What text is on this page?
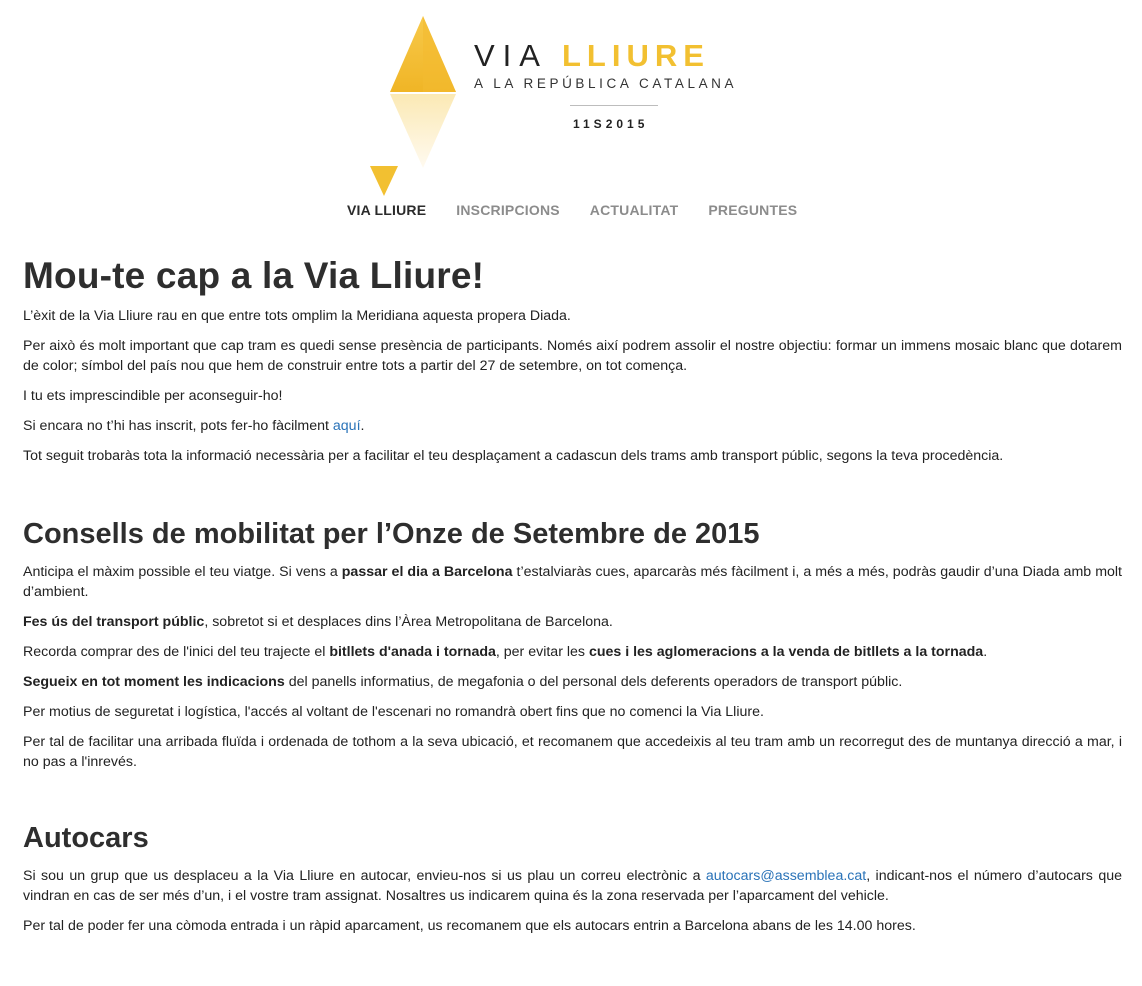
VIA LLIURE
A LA REPÚBLICA CATALANA
11S2015
VIA LLIURE INSCRIPCIONS ACTUALITAT PREGUNTES
Mou-te cap a la Via Lliure!

L’èxit de la Via Lliure rau en que entre tots omplim la Meridiana aquesta propera Diada.

Per això és molt important que cap tram es quedi sense presència de participants. Només així podrem assolir el nostre objectiu: formar un immens mosaic blanc que dotarem de color; símbol del país nou que hem de construir entre tots a partir del 27 de setembre, on tot comença.

I tu ets imprescindible per aconseguir-ho!

Si encara no t’hi has inscrit, pots fer-ho fàcilment aquí.

Tot seguit trobaràs tota la informació necessària per a facilitar el teu desplaçament a cadascun dels trams amb transport públic, segons la teva procedència.

Consells de mobilitat per l’Onze de Setembre de 2015

Anticipa el màxim possible el teu viatge. Si vens a passar el dia a Barcelona t’estalviaràs cues, aparcaràs més fàcilment i, a més a més, podràs gaudir d’una Diada amb molt d’ambient.

Fes ús del transport públic, sobretot si et desplaces dins l’Àrea Metropolitana de Barcelona.

Recorda comprar des de l'inici del teu trajecte el bitllets d'anada i tornada, per evitar les cues i les aglomeracions a la venda de bitllets a la tornada.

Segueix en tot moment les indicacions del panells informatius, de megafonia o del personal dels deferents operadors de transport públic.

Per motius de seguretat i logística, l'accés al voltant de l'escenari no romandrà obert fins que no comenci la Via Lliure.

Per tal de facilitar una arribada fluïda i ordenada de tothom a la seva ubicació, et recomanem que accedeixis al teu tram amb un recorregut des de muntanya direcció a mar, i no pas a l'inrevés.

Autocars

Si sou un grup que us desplaceu a la Via Lliure en autocar, envieu-nos si us plau un correu electrònic a autocars@assemblea.cat, indicant-nos el número d’autocars que vindran en cas de ser més d’un, i el vostre tram assignat. Nosaltres us indicarem quina és la zona reservada per l’aparcament del vehicle.

Per tal de poder fer una còmoda entrada i un ràpid aparcament, us recomanem que els autocars entrin a Barcelona abans de les 14.00 hores.
